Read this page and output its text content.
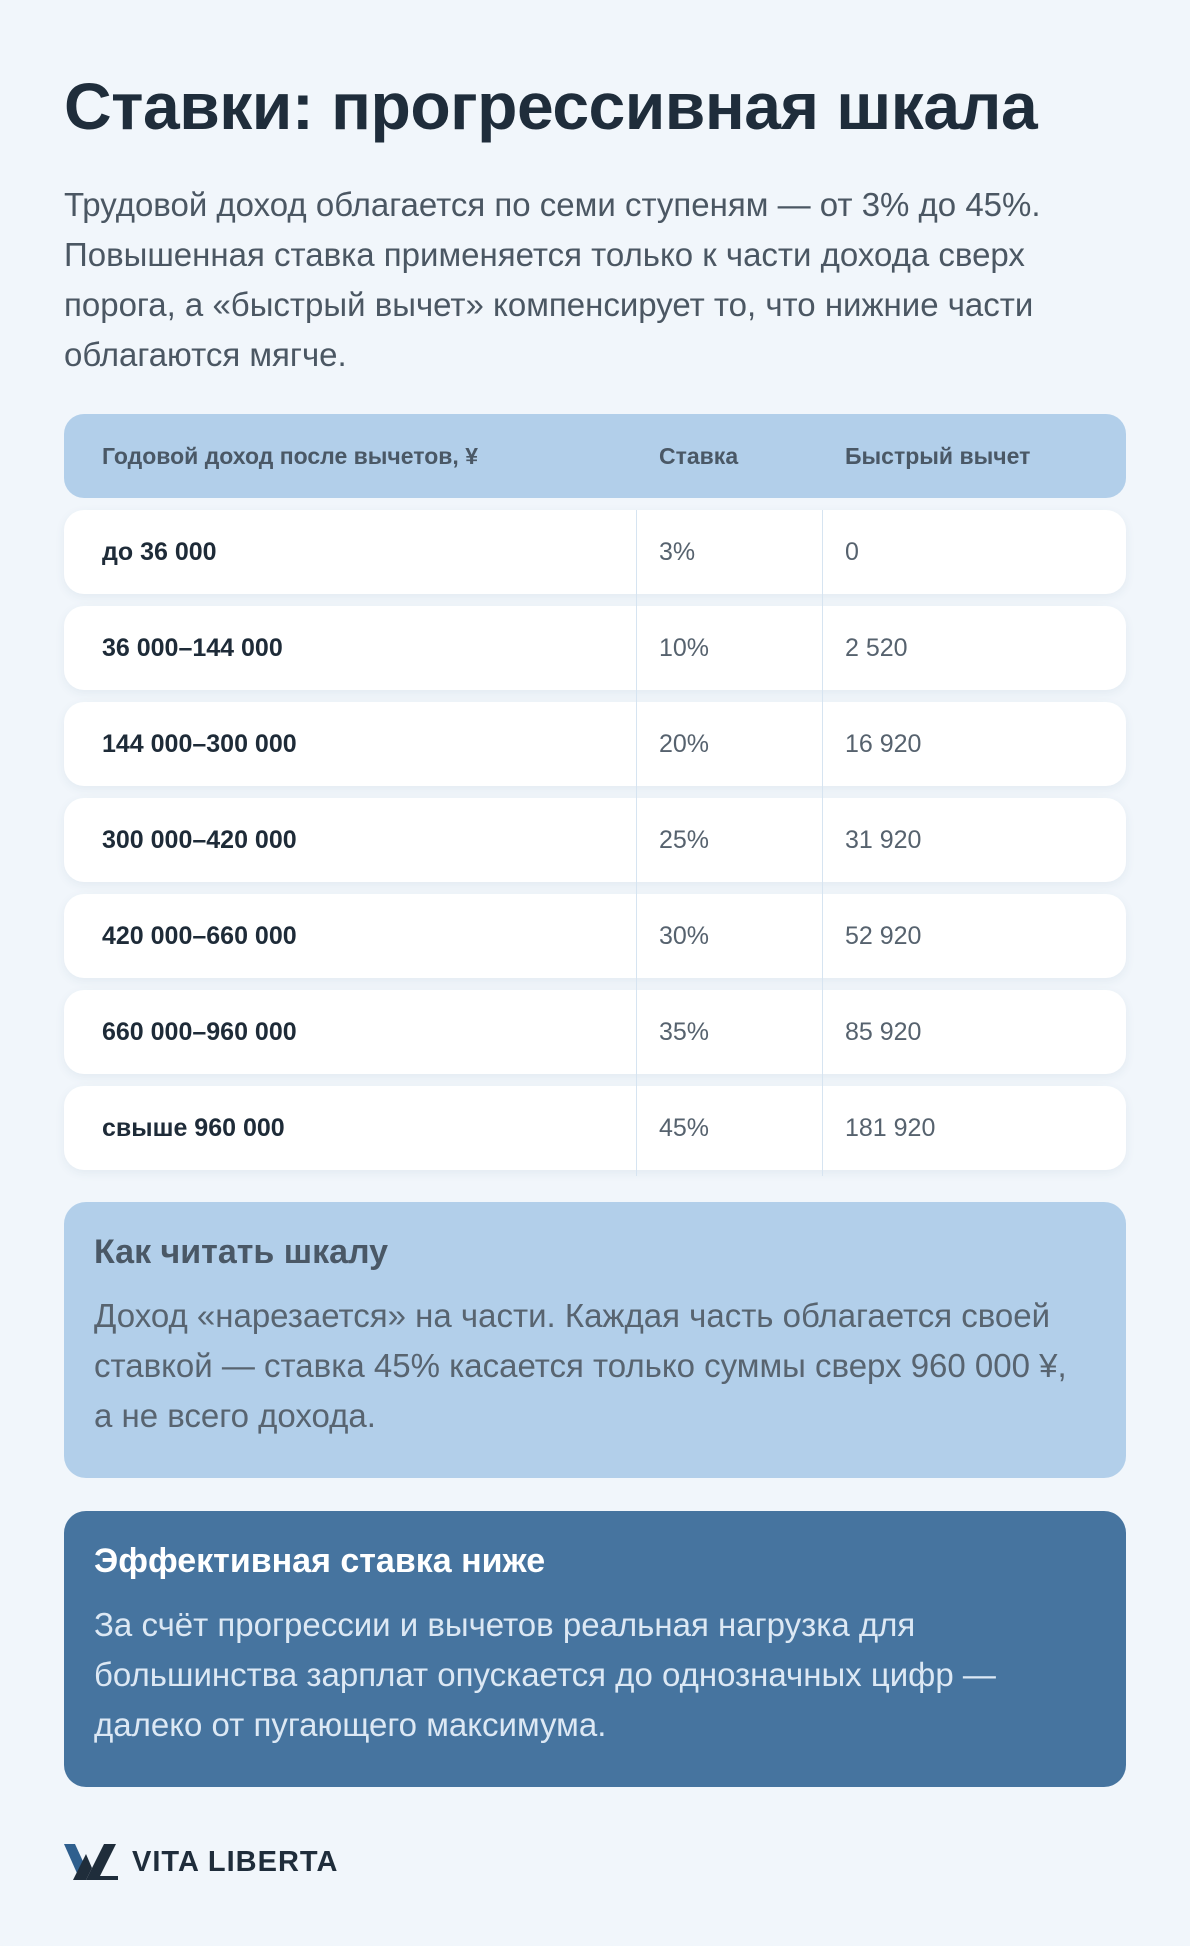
Ставки: прогрессивная шкала

Трудовой доход облагается по семи ступеням — от 3% до 45%. Повышенная ставка применяется только к части дохода сверх порога, а «быстрый вычет» компенсирует то, что нижние части облагаются мягче.

Годовой доход после вычетов, ¥	Ставка	Быстрый вычет
до 36 000	3%	0
36 000–144 000	10%	2 520
144 000–300 000	20%	16 920
300 000–420 000	25%	31 920
420 000–660 000	30%	52 920
660 000–960 000	35%	85 920
свыше 960 000	45%	181 920
Как читать шкалу

Доход «нарезается» на части. Каждая часть облагается своей ставкой — ставка 45% касается только суммы сверх 960 000 ¥, а не всего дохода.

Эффективная ставка ниже

За счёт прогрессии и вычетов реальная нагрузка для большинства зарплат опускается до однозначных цифр — далеко от пугающего максимума.

VITA LIBERTA
